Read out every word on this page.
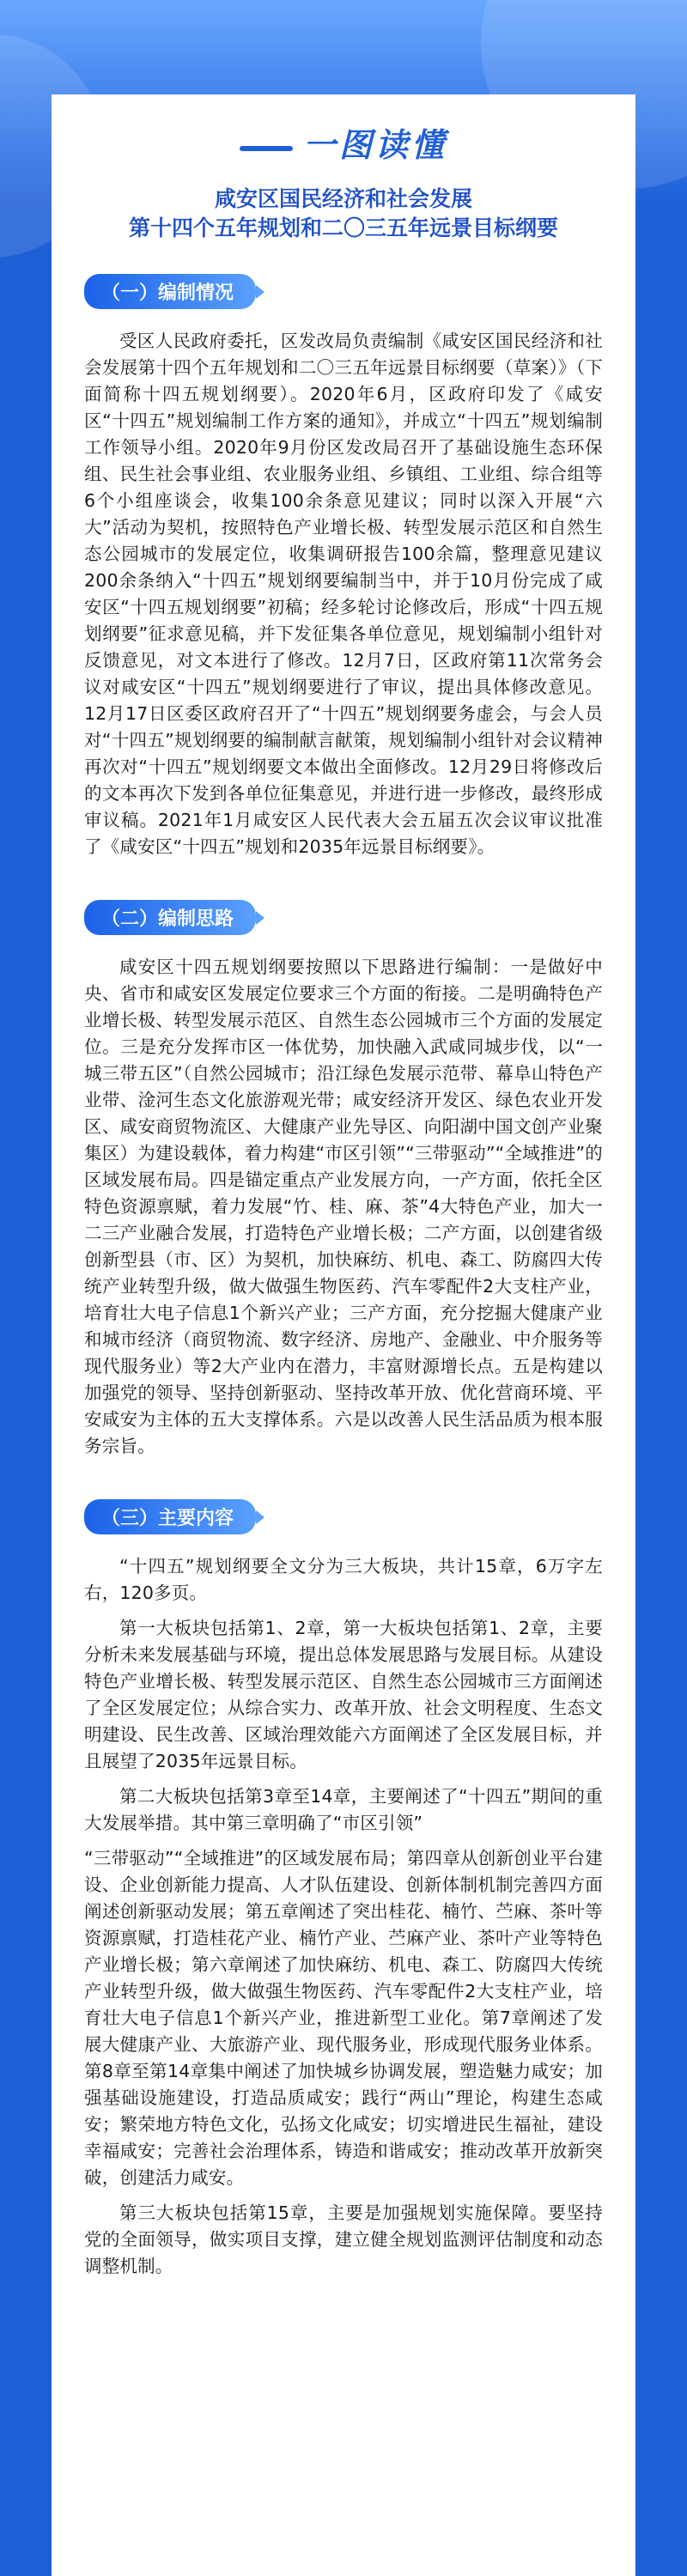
一图读懂
咸安区国民经济和社会发展
第十四个五年规划和二〇三五年远景目标纲要
（一）编制情况

受区人民政府委托，区发改局负责编制《咸安区国民经济和社会发展第十四个五年规划和二〇三五年远景目标纲要（草案）》（下面简称十四五规划纲要）。2020年6月，区政府印发了《咸安区“十四五”规划编制工作方案的通知》，并成立“十四五”规划编制工作领导小组。2020年9月份区发改局召开了基础设施生态环保组、民生社会事业组、农业服务业组、乡镇组、工业组、综合组等6个小组座谈会，收集100余条意见建议；同时以深入开展“六大”活动为契机，按照特色产业增长极、转型发展示范区和自然生态公园城市的发展定位，收集调研报告100余篇，整理意见建议200余条纳入“十四五”规划纲要编制当中，并于10月份完成了咸安区“十四五规划纲要”初稿；经多轮讨论修改后，形成“十四五规划纲要”征求意见稿，并下发征集各单位意见，规划编制小组针对反馈意见，对文本进行了修改。12月7日，区政府第11次常务会议对咸安区“十四五”规划纲要进行了审议，提出具体修改意见。12月17日区委区政府召开了“十四五”规划纲要务虚会，与会人员对“十四五”规划纲要的编制献言献策，规划编制小组针对会议精神再次对“十四五”规划纲要文本做出全面修改。12月29日将修改后的文本再次下发到各单位征集意见，并进行进一步修改，最终形成审议稿。2021年1月咸安区人民代表大会五届五次会议审议批准了《咸安区“十四五”规划和2035年远景目标纲要》。

（二）编制思路

咸安区十四五规划纲要按照以下思路进行编制：一是做好中央、省市和咸安区发展定位要求三个方面的衔接。二是明确特色产业增长极、转型发展示范区、自然生态公园城市三个方面的发展定位。三是充分发挥市区一体优势，加快融入武咸同城步伐，以“一城三带五区”（自然公园城市；沿江绿色发展示范带、幕阜山特色产业带、淦河生态文化旅游观光带；咸安经济开发区、绿色农业开发区、咸安商贸物流区、大健康产业先导区、向阳湖中国文创产业聚集区）为建设载体，着力构建“市区引领”“三带驱动”“全域推进”的区域发展布局。四是锚定重点产业发展方向，一产方面，依托全区特色资源禀赋，着力发展“竹、桂、麻、茶”4大特色产业，加大一二三产业融合发展，打造特色产业增长极；二产方面，以创建省级创新型县（市、区）为契机，加快麻纺、机电、森工、防腐四大传统产业转型升级，做大做强生物医药、汽车零配件2大支柱产业，培育壮大电子信息1个新兴产业；三产方面，充分挖掘大健康产业和城市经济（商贸物流、数字经济、房地产、金融业、中介服务等现代服务业）等2大产业内在潜力，丰富财源增长点。五是构建以加强党的领导、坚持创新驱动、坚持改革开放、优化营商环境、平安咸安为主体的五大支撑体系。六是以改善人民生活品质为根本服务宗旨。

（三）主要内容

“十四五”规划纲要全文分为三大板块，共计15章，6万字左右，120多页。

第一大板块包括第1、2章，第一大板块包括第1、2章，主要分析未来发展基础与环境，提出总体发展思路与发展目标。从建设特色产业增长极、转型发展示范区、自然生态公园城市三方面阐述了全区发展定位；从综合实力、改革开放、社会文明程度、生态文明建设、民生改善、区域治理效能六方面阐述了全区发展目标，并且展望了2035年远景目标。

第二大板块包括第3章至14章，主要阐述了“十四五”期间的重大发展举措。其中第三章明确了“市区引领”

“三带驱动”“全域推进”的区域发展布局；第四章从创新创业平台建设、企业创新能力提高、人才队伍建设、创新体制机制完善四方面阐述创新驱动发展；第五章阐述了突出桂花、楠竹、苎麻、茶叶等资源禀赋，打造桂花产业、楠竹产业、苎麻产业、茶叶产业等特色产业增长极；第六章阐述了加快麻纺、机电、森工、防腐四大传统产业转型升级，做大做强生物医药、汽车零配件2大支柱产业，培育壮大电子信息1个新兴产业，推进新型工业化。第7章阐述了发展大健康产业、大旅游产业、现代服务业，形成现代服务业体系。第8章至第14章集中阐述了加快城乡协调发展，塑造魅力咸安；加强基础设施建设，打造品质咸安；践行“两山”理论，构建生态咸安；繁荣地方特色文化，弘扬文化咸安；切实增进民生福祉，建设幸福咸安；完善社会治理体系，铸造和谐咸安；推动改革开放新突破，创建活力咸安。

第三大板块包括第15章，主要是加强规划实施保障。要坚持党的全面领导，做实项目支撑，建立健全规划监测评估制度和动态调整机制。
